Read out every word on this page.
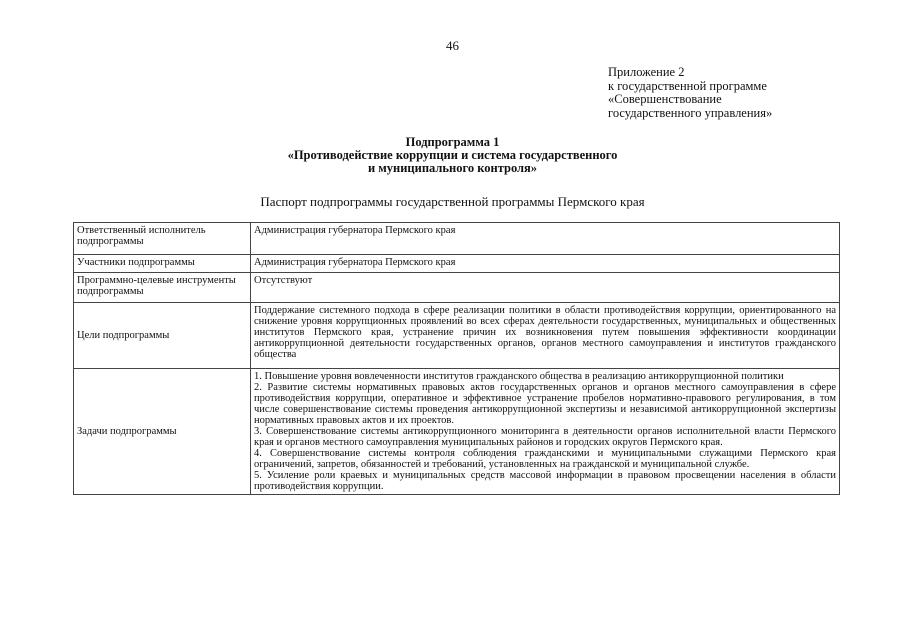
46
Приложение 2
к государственной программе
«Совершенствование
государственного управления»
Подпрограмма 1
«Противодействие коррупции и система государственного
и муниципального контроля»
Паспорт подпрограммы государственной программы Пермского края
Ответственный исполнитель подпрограммы	Администрация губернатора Пермского края
Участники подпрограммы	Администрация губернатора Пермского края
Программно-целевые инструменты подпрограммы	Отсутствуют
Цели подпрограммы	Поддержание системного подхода в сфере реализации политики в области противодействия коррупции, ориентированного на снижение уровня коррупционных проявлений во всех сферах деятельности государственных, муниципальных и общественных институтов Пермского края, устранение причин их возникновения путем повышения эффективности координации антикоррупционной деятельности государственных органов, органов местного самоуправления и институтов гражданского общества
Задачи подпрограммы	1. Повышение уровня вовлеченности институтов гражданского общества в реализацию антикоррупционной политики
2. Развитие системы нормативных правовых актов государственных органов и органов местного самоуправления в сфере противодействия коррупции, оперативное и эффективное устранение пробелов нормативно-правового регулирования, в том числе совершенствование системы проведения антикоррупционной экспертизы и независимой антикоррупционной экспертизы нормативных правовых актов и их проектов.
3. Совершенствование системы антикоррупционного мониторинга в деятельности органов исполнительной власти Пермского края и органов местного самоуправления муниципальных районов и городских округов Пермского края.
4. Совершенствование системы контроля соблюдения гражданскими и муниципальными служащими Пермского края ограничений, запретов, обязанностей и требований, установленных на гражданской и муниципальной службе.
5. Усиление роли краевых и муниципальных средств массовой информации в правовом просвещении населения в области противодействия коррупции.
